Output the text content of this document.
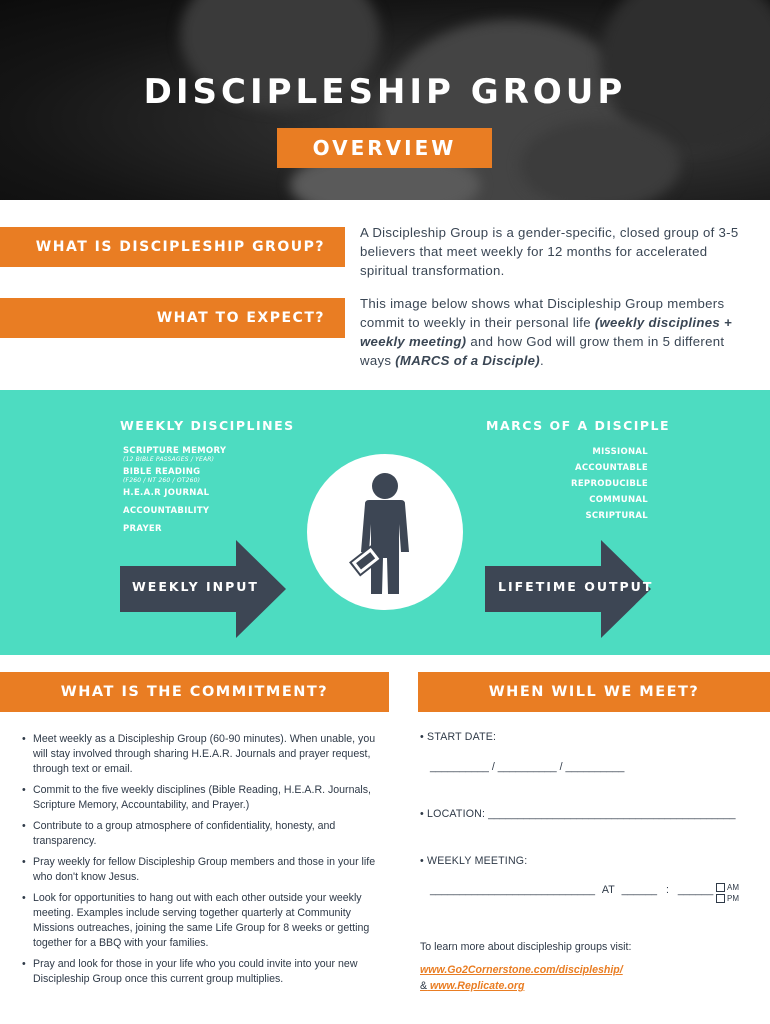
DISCIPLESHIP GROUP
OVERVIEW
WHAT IS DISCIPLESHIP GROUP?
A Discipleship Group is a gender-specific, closed group of 3-5 believers that meet weekly for 12 months for accelerated spiritual transformation.
WHAT TO EXPECT?
This image below shows what Discipleship Group members commit to weekly in their personal life (weekly disciplines + weekly meeting) and how God will grow them in 5 different ways (MARCS of a Disciple).
WEEKLY DISCIPLINES
SCRIPTURE MEMORY
(12 BIBLE PASSAGES / YEAR)
BIBLE READING
(F260 / NT 260 / OT260)
H.E.A.R JOURNAL
ACCOUNTABILITY
PRAYER
MARCS OF A DISCIPLE
MISSIONAL
ACCOUNTABLE
REPRODUCIBLE
COMMUNAL
SCRIPTURAL
WEEKLY INPUT	LIFETIME OUTPUT
WHAT IS THE COMMITMENT?
• Meet weekly as a Discipleship Group (60-90 minutes). When unable, you will stay involved through sharing H.E.A.R. Journals and prayer request, through text or email.
• Commit to the five weekly disciplines (Bible Reading, H.E.A.R. Journals, Scripture Memory, Accountability, and Prayer.)
• Contribute to a group atmosphere of confidentiality, honesty, and transparency.
• Pray weekly for fellow Discipleship Group members and those in your life who don't know Jesus.
• Look for opportunities to hang out with each other outside your weekly meeting. Examples include serving together quarterly at Community Missions outreaches, joining the same Life Group for 8 weeks or getting together for a BBQ with your families.
• Pray and look for those in your life who you could invite into your new Discipleship Group once this current group multiplies.
WHEN WILL WE MEET?
• START DATE:
__________ / __________ / __________
• LOCATION: __________________________________________
• WEEKLY MEETING:
____________________________ AT ______ : ______	AM
PM
To learn more about discipleship groups visit:
www.Go2Cornerstone.com/discipleship/
& www.Replicate.org
